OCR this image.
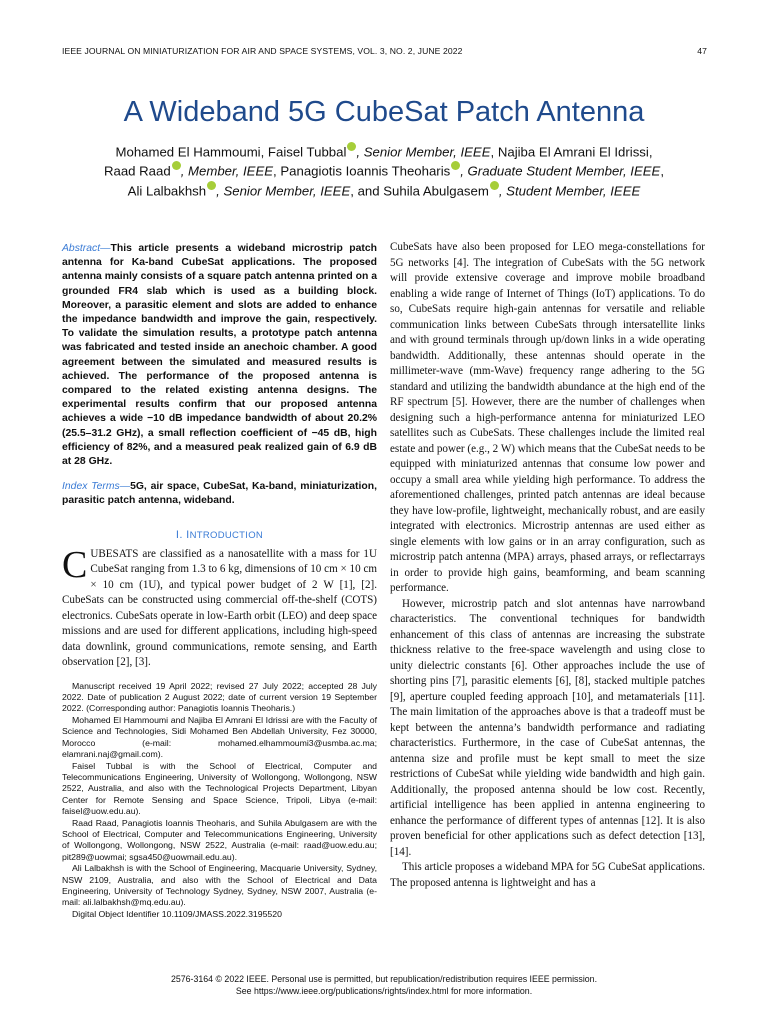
IEEE JOURNAL ON MINIATURIZATION FOR AIR AND SPACE SYSTEMS, VOL. 3, NO. 2, JUNE 2022	47
A Wideband 5G CubeSat Patch Antenna
Mohamed El Hammoumi, Faisel Tubbal , Senior Member, IEEE, Najiba El Amrani El Idrissi,
Raad Raad , Member, IEEE, Panagiotis Ioannis Theoharis , Graduate Student Member, IEEE,
Ali Lalbakhsh , Senior Member, IEEE, and Suhila Abulgasem , Student Member, IEEE
Abstract—This article presents a wideband microstrip patch antenna for Ka-band CubeSat applications. The proposed antenna mainly consists of a square patch antenna printed on a grounded FR4 slab which is used as a building block. Moreover, a parasitic element and slots are added to enhance the impedance bandwidth and improve the gain, respectively. To validate the simulation results, a prototype patch antenna was fabricated and tested inside an anechoic chamber. A good agreement between the simulated and measured results is achieved. The performance of the proposed antenna is compared to the related existing antenna designs. The experimental results confirm that our proposed antenna achieves a wide −10 dB impedance bandwidth of about 20.2% (25.5–31.2 GHz), a small reflection coefficient of −45 dB, high efficiency of 82%, and a measured peak realized gain of 6.9 dB at 28 GHz.
Index Terms—5G, air space, CubeSat, Ka-band, miniaturization, parasitic patch antenna, wideband.
I. INTRODUCTION

CUBESATS are classified as a nanosatellite with a mass for 1U CubeSat ranging from 1.3 to 6 kg, dimensions of 10 cm × 10 cm × 10 cm (1U), and typical power budget of 2 W [1], [2]. CubeSats can be constructed using commercial off-the-shelf (COTS) electronics. CubeSats operate in low-Earth orbit (LEO) and deep space missions and are used for different applications, including high-speed data downlink, ground communications, remote sensing, and Earth observation [2], [3].

Manuscript received 19 April 2022; revised 27 July 2022; accepted 28 July 2022. Date of publication 2 August 2022; date of current version 19 September 2022. (Corresponding author: Panagiotis Ioannis Theoharis.)

Mohamed El Hammoumi and Najiba El Amrani El Idrissi are with the Faculty of Science and Technologies, Sidi Mohamed Ben Abdellah University, Fez 30000, Morocco (e-mail: mohamed.elhammoumi3@usmba.ac.ma; elamrani.naj@gmail.com).

Faisel Tubbal is with the School of Electrical, Computer and Telecommunications Engineering, University of Wollongong, Wollongong, NSW 2522, Australia, and also with the Technological Projects Department, Libyan Center for Remote Sensing and Space Science, Tripoli, Libya (e-mail: faisel@uow.edu.au).

Raad Raad, Panagiotis Ioannis Theoharis, and Suhila Abulgasem are with the School of Electrical, Computer and Telecommunications Engineering, University of Wollongong, Wollongong, NSW 2522, Australia (e-mail: raad@uow.edu.au; pit289@uowmai; sgsa450@uowmail.edu.au).

Ali Lalbakhsh is with the School of Engineering, Macquarie University, Sydney, NSW 2109, Australia, and also with the School of Electrical and Data Engineering, University of Technology Sydney, Sydney, NSW 2007, Australia (e-mail: ali.lalbakhsh@mq.edu.au).

Digital Object Identifier 10.1109/JMASS.2022.3195520

CubeSats have also been proposed for LEO mega-constellations for 5G networks [4]. The integration of CubeSats with the 5G network will provide extensive coverage and improve mobile broadband enabling a wide range of Internet of Things (IoT) applications. To do so, CubeSats require high-gain antennas for versatile and reliable communication links between CubeSats through intersatellite links and with ground terminals through up/down links in a wide operating bandwidth. Additionally, these antennas should operate in the millimeter-wave (mm-Wave) frequency range adhering to the 5G standard and utilizing the bandwidth abundance at the high end of the RF spectrum [5]. However, there are the number of challenges when designing such a high-performance antenna for miniaturized LEO satellites such as CubeSats. These challenges include the limited real estate and power (e.g., 2 W) which means that the CubeSat needs to be equipped with miniaturized antennas that consume low power and occupy a small area while yielding high performance. To address the aforementioned challenges, printed patch antennas are ideal because they have low-profile, lightweight, mechanically robust, and are easily integrated with electronics. Microstrip antennas are used either as single elements with low gains or in an array configuration, such as microstrip patch antenna (MPA) arrays, phased arrays, or reflectarrays in order to provide high gains, beamforming, and beam scanning performance.

However, microstrip patch and slot antennas have narrowband characteristics. The conventional techniques for bandwidth enhancement of this class of antennas are increasing the substrate thickness relative to the free-space wavelength and using close to unity dielectric constants [6]. Other approaches include the use of shorting pins [7], parasitic elements [6], [8], stacked multiple patches [9], aperture coupled feeding approach [10], and metamaterials [11]. The main limitation of the approaches above is that a tradeoff must be kept between the antenna’s bandwidth performance and radiating characteristics. Furthermore, in the case of CubeSat antennas, the antenna size and profile must be kept small to meet the size restrictions of CubeSat while yielding wide bandwidth and high gain. Additionally, the proposed antenna should be low cost. Recently, artificial intelligence has been applied in antenna engineering to enhance the performance of different types of antennas [12]. It is also proven beneficial for other applications such as defect detection [13], [14].

This article proposes a wideband MPA for 5G CubeSat applications. The proposed antenna is lightweight and has a

2576-3164 © 2022 IEEE. Personal use is permitted, but republication/redistribution requires IEEE permission.
See https://www.ieee.org/publications/rights/index.html for more information.
